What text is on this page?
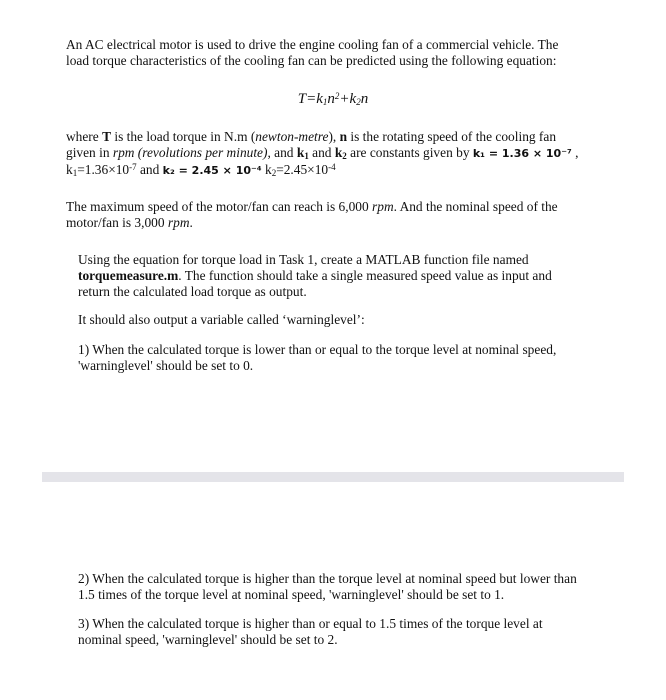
An AC electrical motor is used to drive the engine cooling fan of a commercial vehicle. The
load torque characteristics of the cooling fan can be predicted using the following equation:
$T=k_1n^2+k_2n$
where T is the load torque in N.m (newton-metre), n is the rotating speed of the cooling fan
given in rpm (revolutions per minute), and $k_1$ and $k_2$ are constants given by k₁ = 1.36 × 10⁻⁷ ,
$k_1=1.36\times 10^{-7}$ and k₂ = 2.45 × 10⁻⁴ $k_2=2.45\times 10^{-4}$
The maximum speed of the motor/fan can reach is 6,000 rpm. And the nominal speed of the
motor/fan is 3,000 rpm.
Using the equation for torque load in Task 1, create a MATLAB function file named
torquemeasure.m. The function should take a single measured speed value as input and
return the calculated load torque as output.
It should also output a variable called ‘warninglevel’:
1) When the calculated torque is lower than or equal to the torque level at nominal speed,
'warninglevel' should be set to 0.
2) When the calculated torque is higher than the torque level at nominal speed but lower than
1.5 times of the torque level at nominal speed, 'warninglevel' should be set to 1.
3) When the calculated torque is higher than or equal to 1.5 times of the torque level at
nominal speed, 'warninglevel' should be set to 2.
